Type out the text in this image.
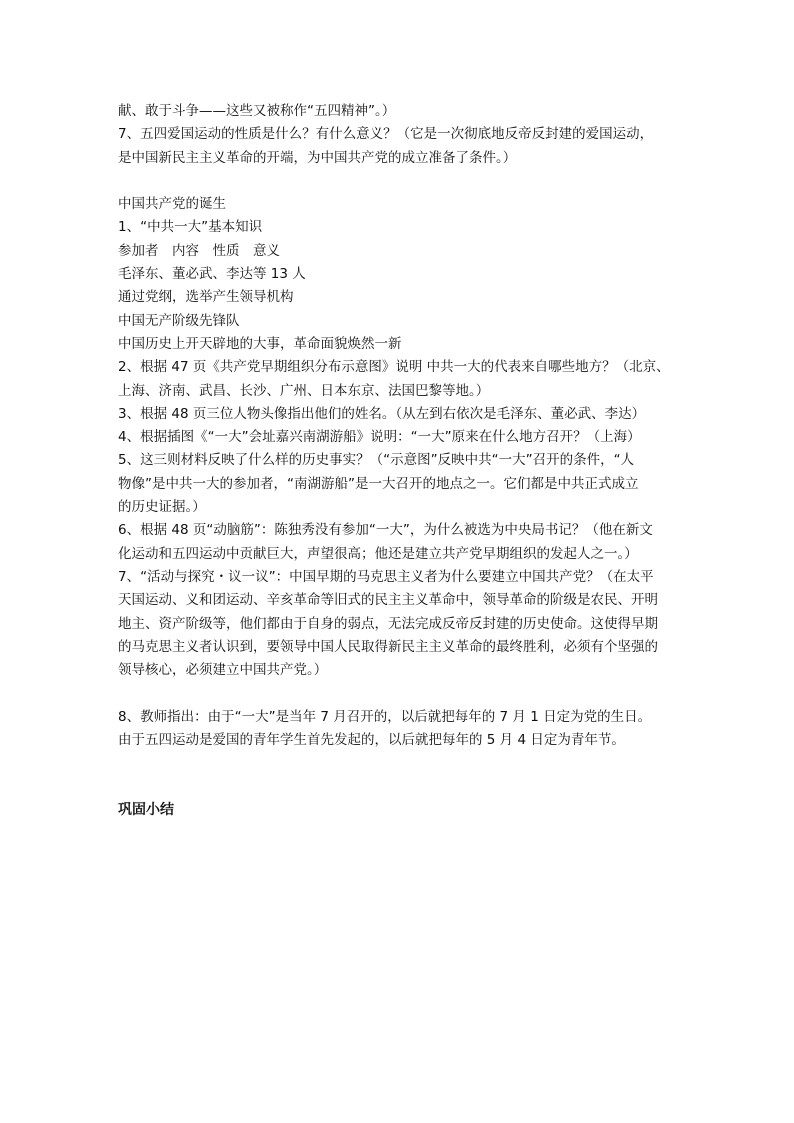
献、敢于斗争——这些又被称作“五四精神”。）
7、五四爱国运动的性质是什么？有什么意义？（它是一次彻底地反帝反封建的爱国运动，
是中国新民主主义革命的开端，为中国共产党的成立准备了条件。）
中国共产党的诞生
1、“中共一大”基本知识
参加者　内容　性质　意义
毛泽东、董必武、李达等 13 人
通过党纲，选举产生领导机构
中国无产阶级先锋队
中国历史上开天辟地的大事，革命面貌焕然一新
2、根据 47 页《共产党早期组织分布示意图》说明 中共一大的代表来自哪些地方？（北京、
上海、济南、武昌、长沙、广州、日本东京、法国巴黎等地。）
3、根据 48 页三位人物头像指出他们的姓名。（从左到右依次是毛泽东、董必武、李达）
4、根据插图《“一大”会址嘉兴南湖游船》说明：“一大”原来在什么地方召开？（上海）
5、这三则材料反映了什么样的历史事实？（“示意图”反映中共“一大”召开的条件，“人
物像”是中共一大的参加者，“南湖游船”是一大召开的地点之一。它们都是中共正式成立
的历史证据。）
6、根据 48 页“动脑筋”：陈独秀没有参加“一大”，为什么被选为中央局书记？（他在新文
化运动和五四运动中贡献巨大，声望很高；他还是建立共产党早期组织的发起人之一。）
7、“活动与探究・议一议”：中国早期的马克思主义者为什么要建立中国共产党？（在太平
天国运动、义和团运动、辛亥革命等旧式的民主主义革命中，领导革命的阶级是农民、开明
地主、资产阶级等，他们都由于自身的弱点，无法完成反帝反封建的历史使命。这使得早期
的马克思主义者认识到，要领导中国人民取得新民主主义革命的最终胜利，必须有个坚强的
领导核心，必须建立中国共产党。）
8、教师指出：由于“一大”是当年 7 月召开的，以后就把每年的 7 月 1 日定为党的生日。
由于五四运动是爱国的青年学生首先发起的，以后就把每年的 5 月 4 日定为青年节。
巩固小结
